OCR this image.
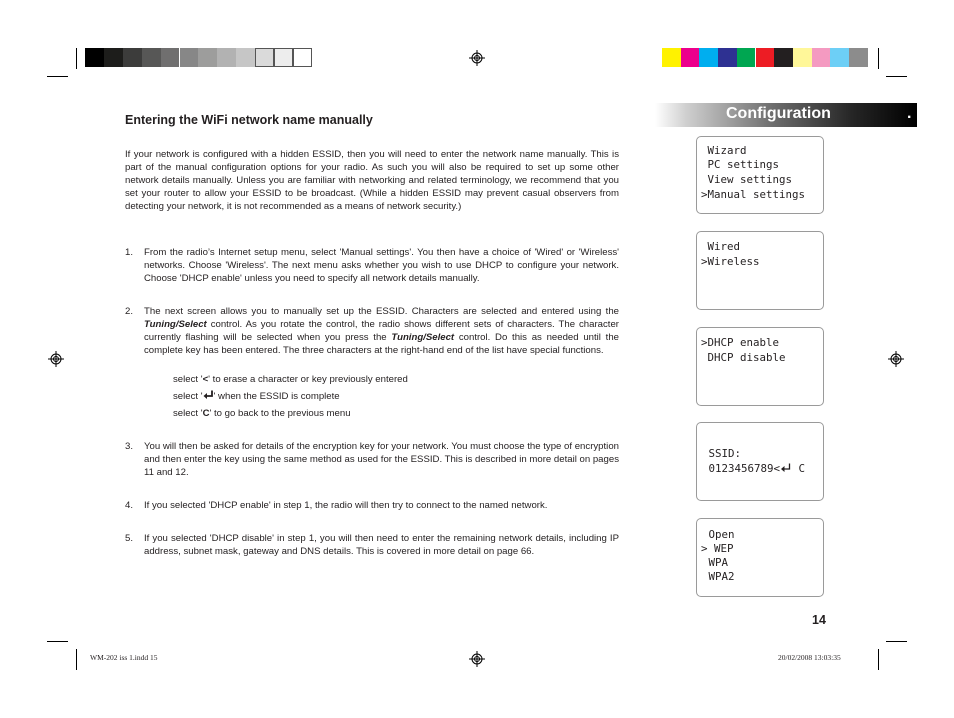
Configuration	.
Entering the WiFi network name manually
If your network is configured with a hidden ESSID, then you will need to enter the network name manually. This is part of the manual configuration options for your radio. As such you will also be required to set up some other network details manually. Unless you are familiar with networking and related terminology, we recommend that you set your router to allow your ESSID to be broadcast. (While a hidden ESSID may prevent casual observers from detecting your network, it is not recommended as a means of network security.)
1.	From the radio’s Internet setup menu, select 'Manual settings'. You then have a choice of 'Wired' or 'Wireless' networks. Choose 'Wireless'. The next menu asks whether you wish to use DHCP to configure your network. Choose 'DHCP enable' unless you need to specify all network details manually.
2.	The next screen allows you to manually set up the ESSID. Characters are selected and entered using the Tuning/Select control. As you rotate the control, the radio shows different sets of characters. The character currently flashing will be selected when you press the Tuning/Select control. Do this as needed until the complete key has been entered. The three characters at the right-hand end of the list have special functions.
select '<' to erase a character or key previously entered
select ' ' when the ESSID is complete
select 'C' to go back to the previous menu
3.	You will then be asked for details of the encryption key for your network. You must choose the type of encryption and then enter the key using the same method as used for the ESSID. This is described in more detail on pages 11 and 12.
4.	If you selected 'DHCP enable' in step 1, the radio will then try to connect to the named network.
5.	If you selected 'DHCP disable' in step 1, you will then need to enter the remaining network details, including IP address, subnet mask, gateway and DNS details. This is covered in more detail on page 66.
Wizard
PC settings
View settings
>Manual settings
Wired
>Wireless
>DHCP enable
DHCP disable
SSID:
0123456789< C
Open
> WEP
WPA
WPA2
14
WM-202 iss 1.indd 15	20/02/2008 13:03:35
